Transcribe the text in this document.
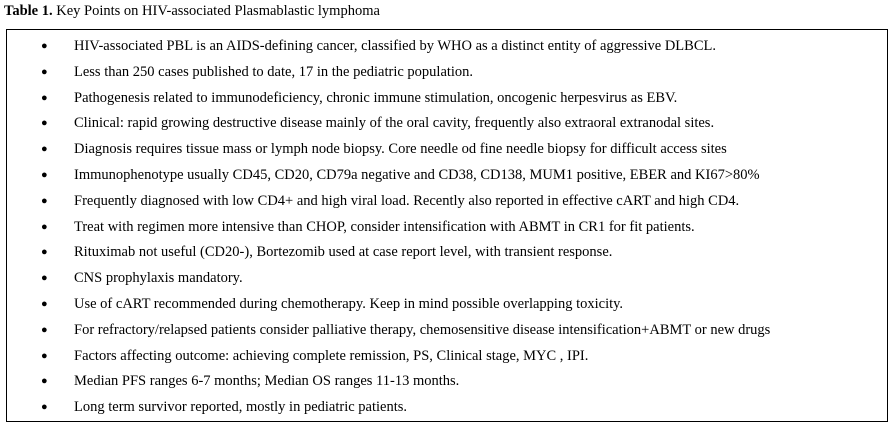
Table 1. Key Points on HIV-associated Plasmablastic lymphoma
● HIV-associated PBL is an AIDS-defining cancer, classified by WHO as a distinct entity of aggressive DLBCL.
● Less than 250 cases published to date, 17 in the pediatric population.
● Pathogenesis related to immunodeficiency, chronic immune stimulation, oncogenic herpesvirus as EBV.
● Clinical: rapid growing destructive disease mainly of the oral cavity, frequently also extraoral extranodal sites.
● Diagnosis requires tissue mass or lymph node biopsy. Core needle od fine needle biopsy for difficult access sites
● Immunophenotype usually CD45, CD20, CD79a negative and CD38, CD138, MUM1 positive, EBER and KI67>80%
● Frequently diagnosed with low CD4+ and high viral load. Recently also reported in effective cART and high CD4.
● Treat with regimen more intensive than CHOP, consider intensification with ABMT in CR1 for fit patients.
● Rituximab not useful (CD20-), Bortezomib used at case report level, with transient response.
● CNS prophylaxis mandatory.
● Use of cART recommended during chemotherapy. Keep in mind possible overlapping toxicity.
● For refractory/relapsed patients consider palliative therapy, chemosensitive disease intensification+ABMT or new drugs
● Factors affecting outcome: achieving complete remission, PS, Clinical stage, MYC , IPI.
● Median PFS ranges 6-7 months; Median OS ranges 11-13 months.
● Long term survivor reported, mostly in pediatric patients.
